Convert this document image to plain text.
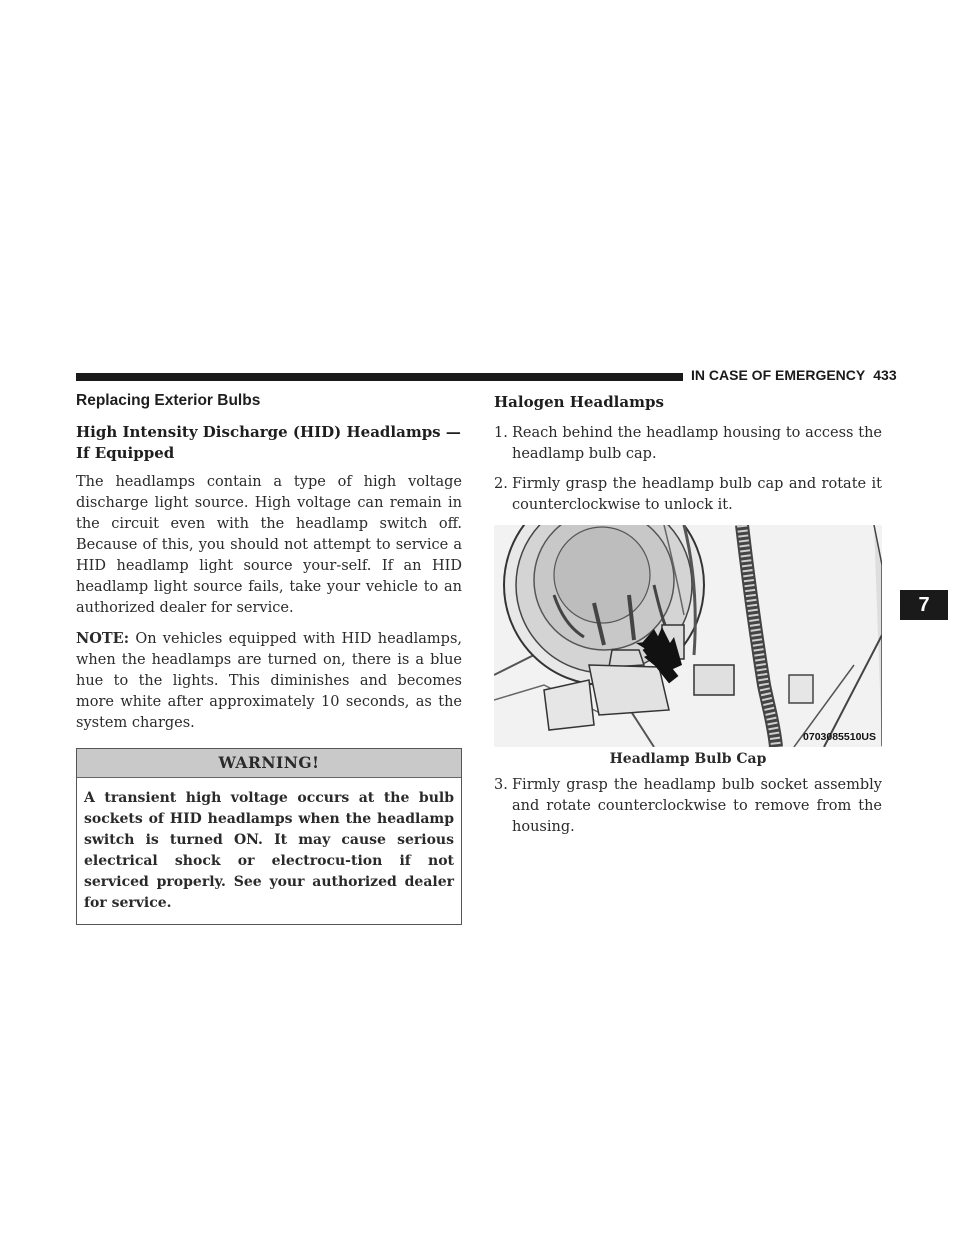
IN CASE OF EMERGENCY 433
7
Replacing Exterior Bulbs
High Intensity Discharge (HID) Headlamps — If Equipped

The headlamps contain a type of high voltage discharge light source. High voltage can remain in the circuit even with the headlamp switch off. Because of this, you should not attempt to service a HID headlamp light source your-self. If an HID headlamp light source fails, take your vehicle to an authorized dealer for service.

NOTE: On vehicles equipped with HID headlamps, when the headlamps are turned on, there is a blue hue to the lights. This diminishes and becomes more white after approximately 10 seconds, as the system charges.

WARNING!
A transient high voltage occurs at the bulb sockets of HID headlamps when the headlamp switch is turned ON. It may cause serious electrical shock or electrocu-tion if not serviced properly. See your authorized dealer for service.
Halogen Headlamps
1. Reach behind the headlamp housing to access the headlamp bulb cap.
2. Firmly grasp the headlamp bulb cap and rotate it counterclockwise to unlock it.
0703085510US
Headlamp Bulb Cap
3. Firmly grasp the headlamp bulb socket assembly and rotate counterclockwise to remove from the housing.
